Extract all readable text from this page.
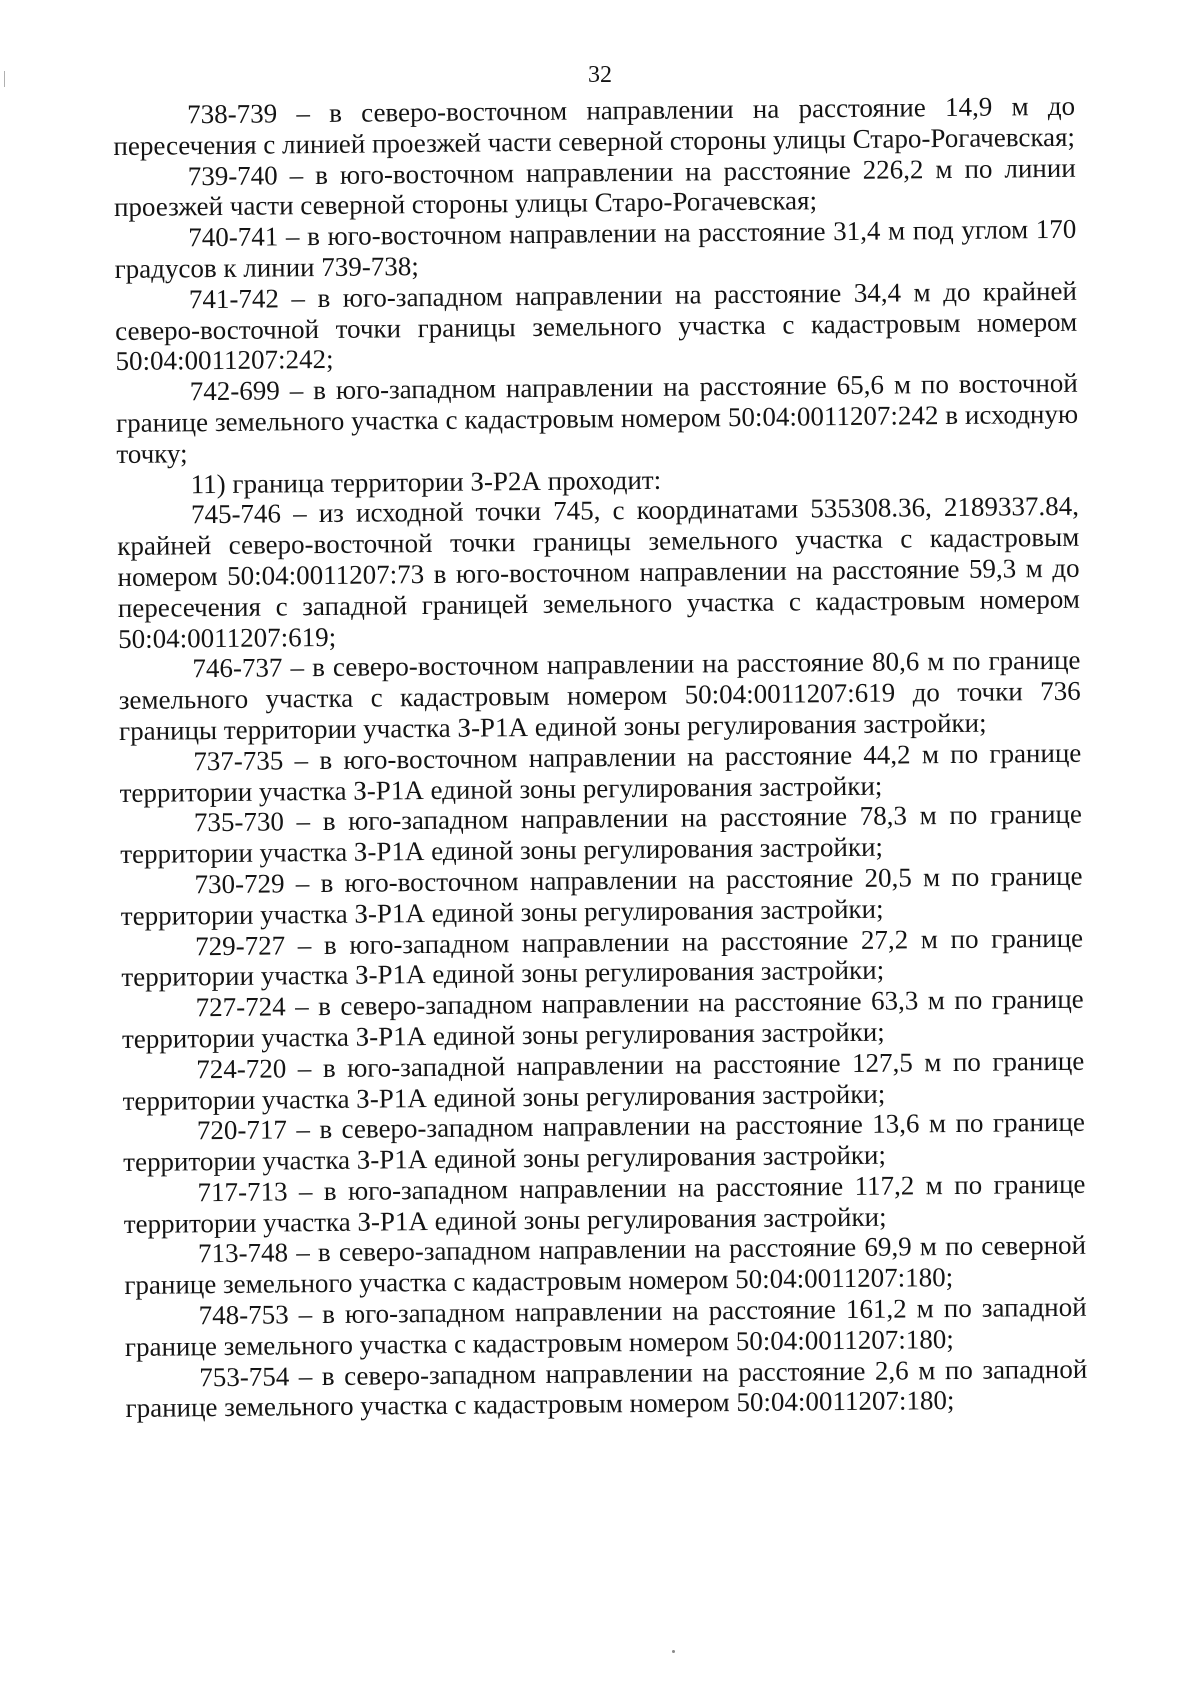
32

738-739 – в северо-восточном направлении на расстояние 14,9 м до пересечения с линией проезжей части северной стороны улицы Старо-Рогачевская;

739-740 – в юго-восточном направлении на расстояние 226,2 м по линии проезжей части северной стороны улицы Старо-Рогачевская;

740-741 – в юго-восточном направлении на расстояние 31,4 м под углом 170 градусов к линии 739-738;

741-742 – в юго-западном направлении на расстояние 34,4 м до крайней северо-восточной точки границы земельного участка с кадастровым номером 50:04:0011207:242;

742-699 – в юго-западном направлении на расстояние 65,6 м по восточной границе земельного участка с кадастровым номером 50:04:0011207:242 в исходную точку;

11) граница территории З-Р2А проходит:

745-746 – из исходной точки 745, с координатами 535308.36, 2189337.84, крайней северо-восточной точки границы земельного участка с кадастровым номером 50:04:0011207:73 в юго-восточном направлении на расстояние 59,3 м до пересечения с западной границей земельного участка с кадастровым номером 50:04:0011207:619;

746-737 – в северо-восточном направлении на расстояние 80,6 м по границе земельного участка с кадастровым номером 50:04:0011207:619 до точки 736 границы территории участка З-Р1А единой зоны регулирования застройки;

737-735 – в юго-восточном направлении на расстояние 44,2 м по границе территории участка З-Р1А единой зоны регулирования застройки;

735-730 – в юго-западном направлении на расстояние 78,3 м по границе территории участка З-Р1А единой зоны регулирования застройки;

730-729 – в юго-восточном направлении на расстояние 20,5 м по границе территории участка З-Р1А единой зоны регулирования застройки;

729-727 – в юго-западном направлении на расстояние 27,2 м по границе территории участка З-Р1А единой зоны регулирования застройки;

727-724 – в северо-западном направлении на расстояние 63,3 м по границе территории участка З-Р1А единой зоны регулирования застройки;

724-720 – в юго-западной направлении на расстояние 127,5 м по границе территории участка З-Р1А единой зоны регулирования застройки;

720-717 – в северо-западном направлении на расстояние 13,6 м по границе территории участка З-Р1А единой зоны регулирования застройки;

717-713 – в юго-западном направлении на расстояние 117,2 м по границе территории участка З-Р1А единой зоны регулирования застройки;

713-748 – в северо-западном направлении на расстояние 69,9 м по северной границе земельного участка с кадастровым номером 50:04:0011207:180;

748-753 – в юго-западном направлении на расстояние 161,2 м по западной границе земельного участка с кадастровым номером 50:04:0011207:180;

753-754 – в северо-западном направлении на расстояние 2,6 м по западной границе земельного участка с кадастровым номером 50:04:0011207:180;
